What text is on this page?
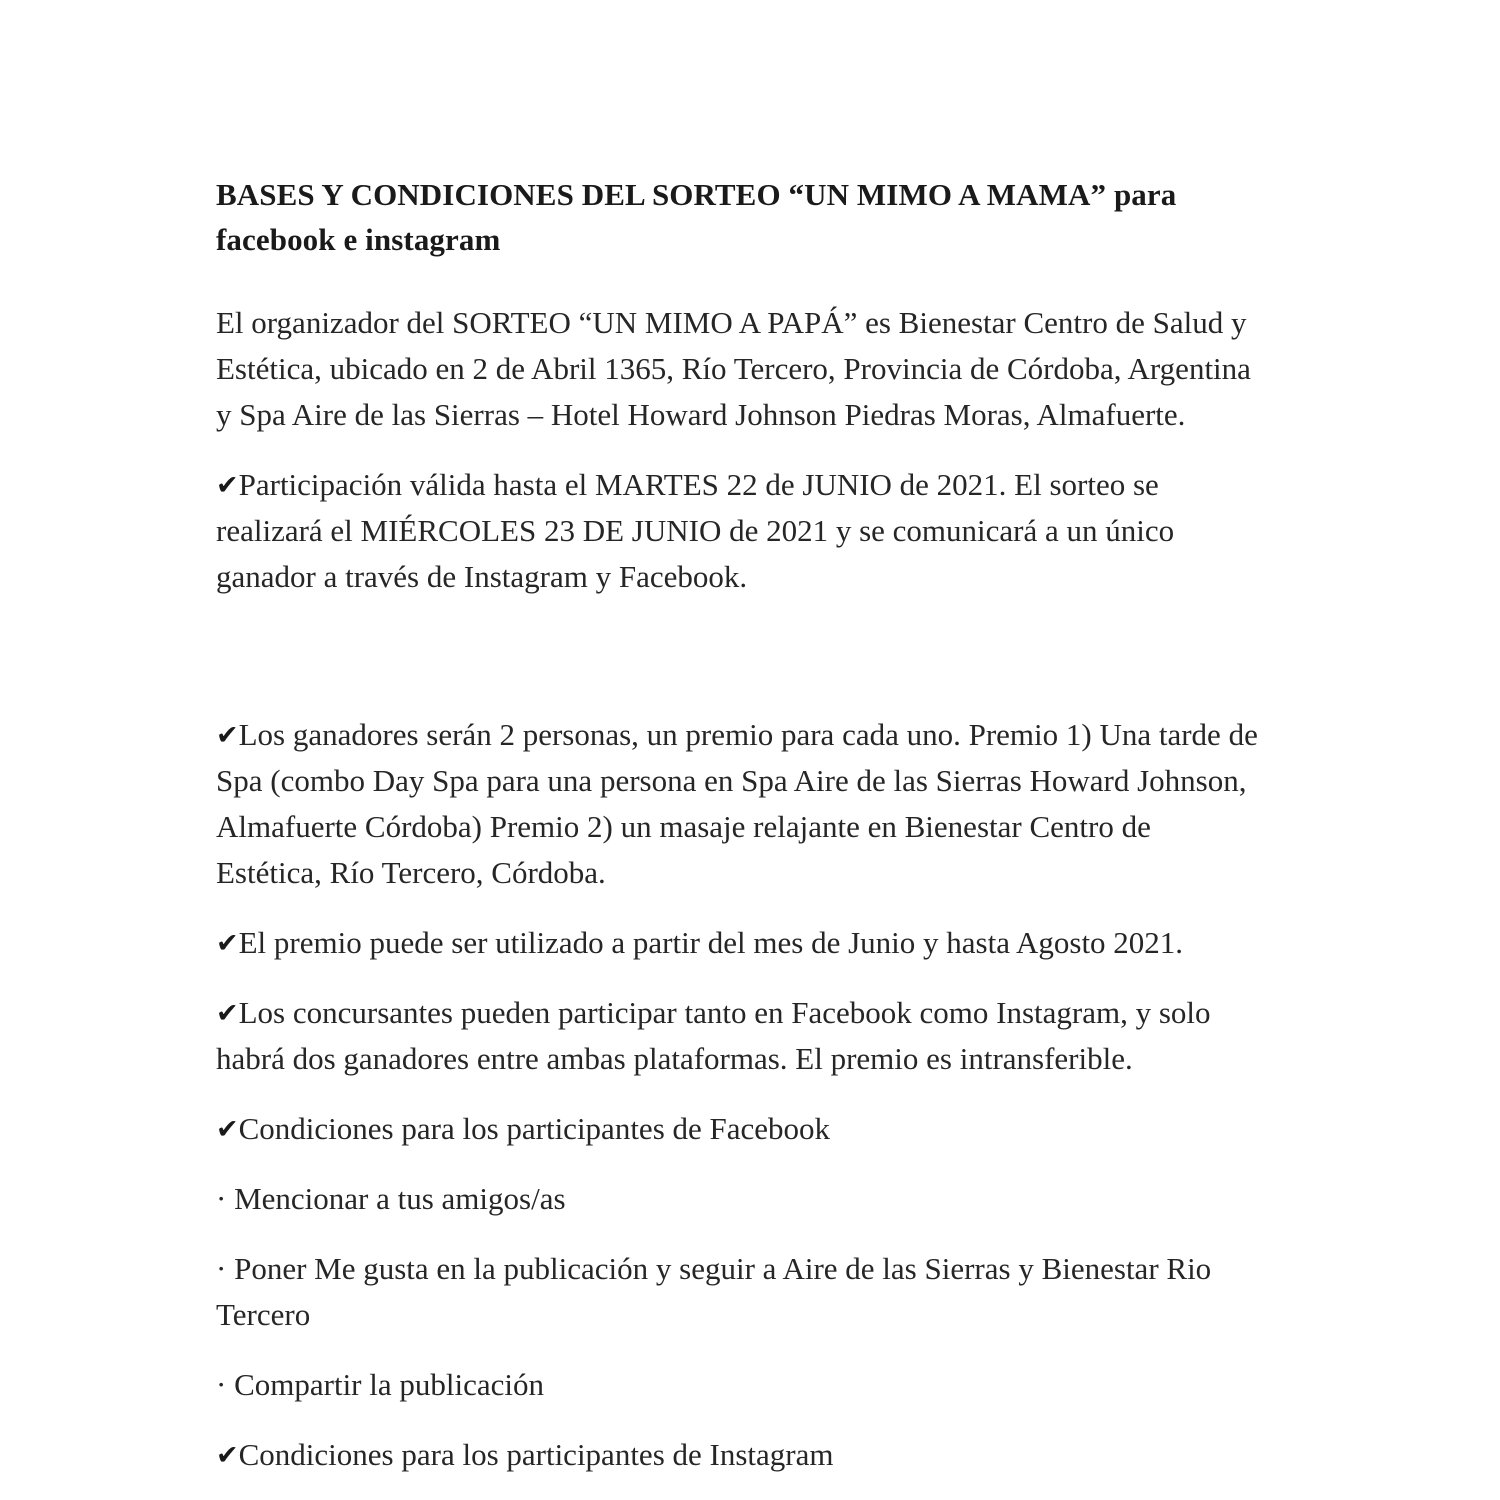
BASES Y CONDICIONES DEL SORTEO “UN MIMO A MAMA” para facebook e instagram

El organizador del SORTEO “UN MIMO A PAPÁ” es Bienestar Centro de Salud y Estética, ubicado en 2 de Abril 1365, Río Tercero, Provincia de Córdoba, Argentina y Spa Aire de las Sierras – Hotel Howard Johnson Piedras Moras, Almafuerte.

✔Participación válida hasta el MARTES 22 de JUNIO de 2021. El sorteo se realizará el MIÉRCOLES 23 DE JUNIO de 2021 y se comunicará a un único ganador a través de Instagram y Facebook.

✔Los ganadores serán 2 personas, un premio para cada uno. Premio 1) Una tarde de Spa (combo Day Spa para una persona en Spa Aire de las Sierras Howard Johnson, Almafuerte Córdoba) Premio 2) un masaje relajante en Bienestar Centro de Estética, Río Tercero, Córdoba.

✔El premio puede ser utilizado a partir del mes de Junio y hasta Agosto 2021.

✔Los concursantes pueden participar tanto en Facebook como Instagram, y solo habrá dos ganadores entre ambas plataformas. El premio es intransferible.

✔Condiciones para los participantes de Facebook

· Mencionar a tus amigos/as

· Poner Me gusta en la publicación y seguir a Aire de las Sierras y Bienestar Rio Tercero

· Compartir la publicación

✔Condiciones para los participantes de Instagram
